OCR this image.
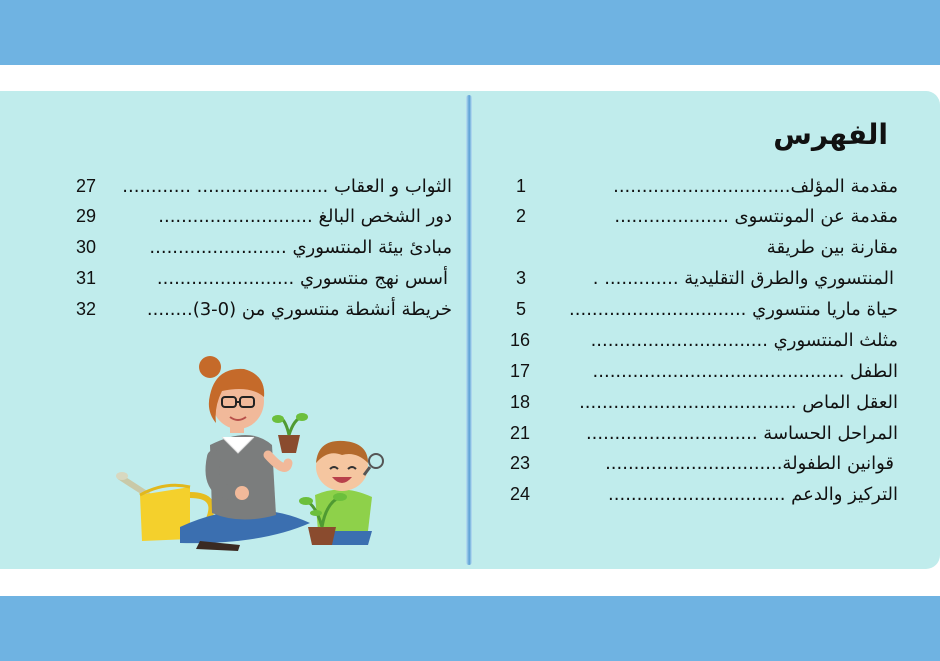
الفهرس
مقدمة المؤلف...............................
1
مقدمة عن المونتسوى ....................
2
مقارنة بين طريقة
المنتسوري والطرق التقليدية ............. .
3
حياة ماريا منتسوري ...............................
5
مثلث المنتسوري ...............................
16
الطفل ............................................
17
العقل الماص ......................................
18
المراحل الحساسة ..............................
21
قوانين الطفولة...............................
23
التركيز والدعم ...............................
24
الثواب و العقاب ....................... ............
27
دور الشخص البالغ ...........................
29
مبادئ بيئة المنتسوري ........................
30
أسس نهج منتسوري ........................
31
خريطة أنشطة منتسوري من (0-3)........
32
